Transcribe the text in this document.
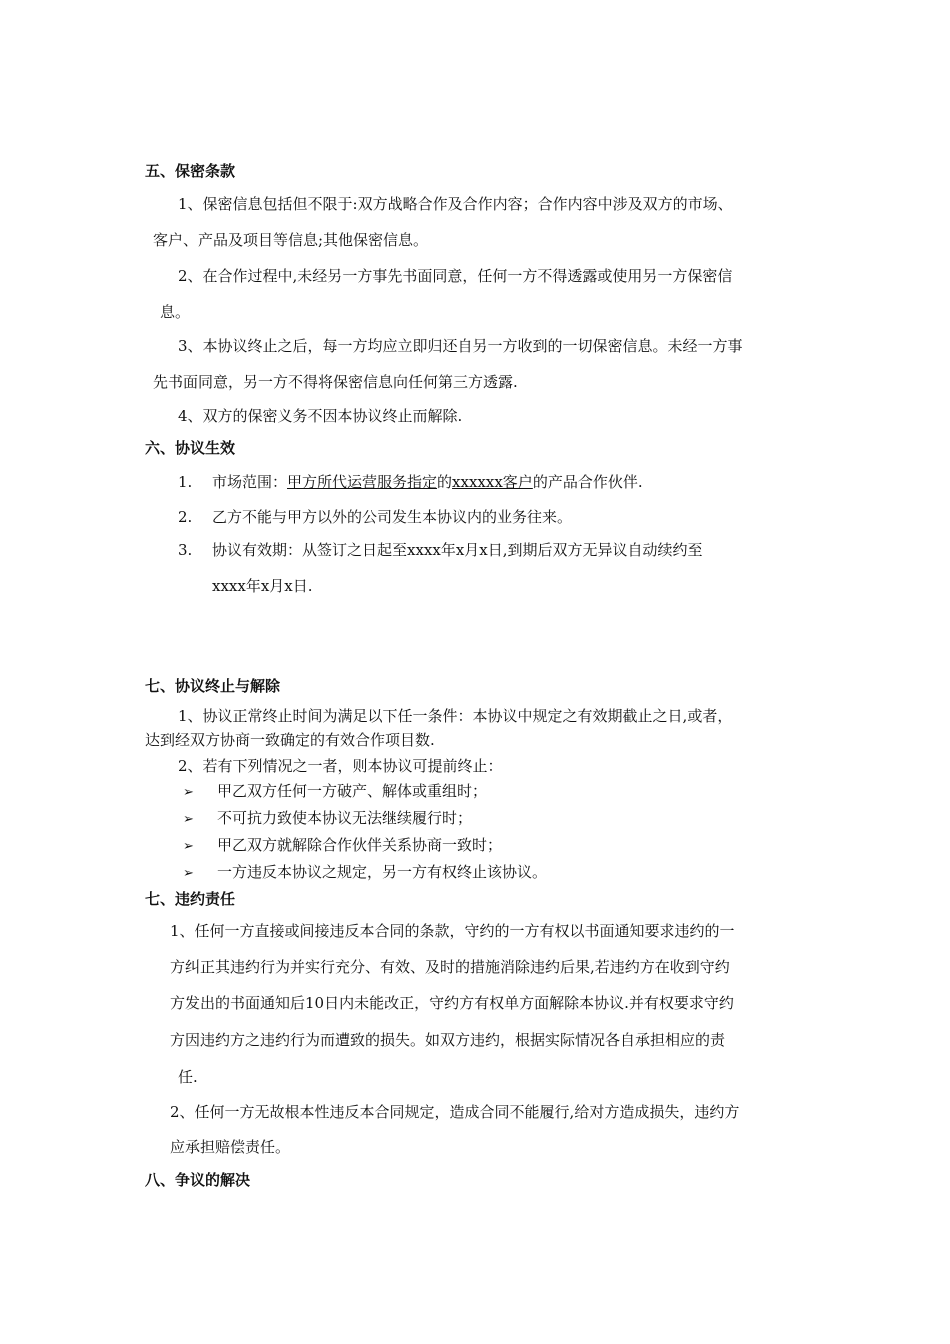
五、保密条款
1、保密信息包括但不限于:双方战略合作及合作内容；合作内容中涉及双方的市场、
客户、产品及项目等信息;其他保密信息。
2、在合作过程中,未经另一方事先书面同意，任何一方不得透露或使用另一方保密信
息。
3、本协议终止之后，每一方均应立即归还自另一方收到的一切保密信息。未经一方事
先书面同意，另一方不得将保密信息向任何第三方透露.
4、双方的保密义务不因本协议终止而解除.
六、协议生效
1. 市场范围：甲方所代运营服务指定的xxxxxx客户的产品合作伙伴.
2. 乙方不能与甲方以外的公司发生本协议内的业务往来。
3. 协议有效期：从签订之日起至xxxx年x月x日,到期后双方无异议自动续约至
xxxx年x月x日.
七、协议终止与解除
1、协议正常终止时间为满足以下任一条件：本协议中规定之有效期截止之日,或者，
达到经双方协商一致确定的有效合作项目数.
2、若有下列情况之一者，则本协议可提前终止：
➢ 甲乙双方任何一方破产、解体或重组时；
➢ 不可抗力致使本协议无法继续履行时；
➢ 甲乙双方就解除合作伙伴关系协商一致时；
➢ 一方违反本协议之规定，另一方有权终止该协议。
七、违约责任
1、任何一方直接或间接违反本合同的条款，守约的一方有权以书面通知要求违约的一
方纠正其违约行为并实行充分、有效、及时的措施消除违约后果,若违约方在收到守约
方发出的书面通知后10日内未能改正，守约方有权单方面解除本协议.并有权要求守约
方因违约方之违约行为而遭致的损失。如双方违约，根据实际情况各自承担相应的责
任.
2、任何一方无故根本性违反本合同规定，造成合同不能履行,给对方造成损失，违约方
应承担赔偿责任。
八、争议的解决
